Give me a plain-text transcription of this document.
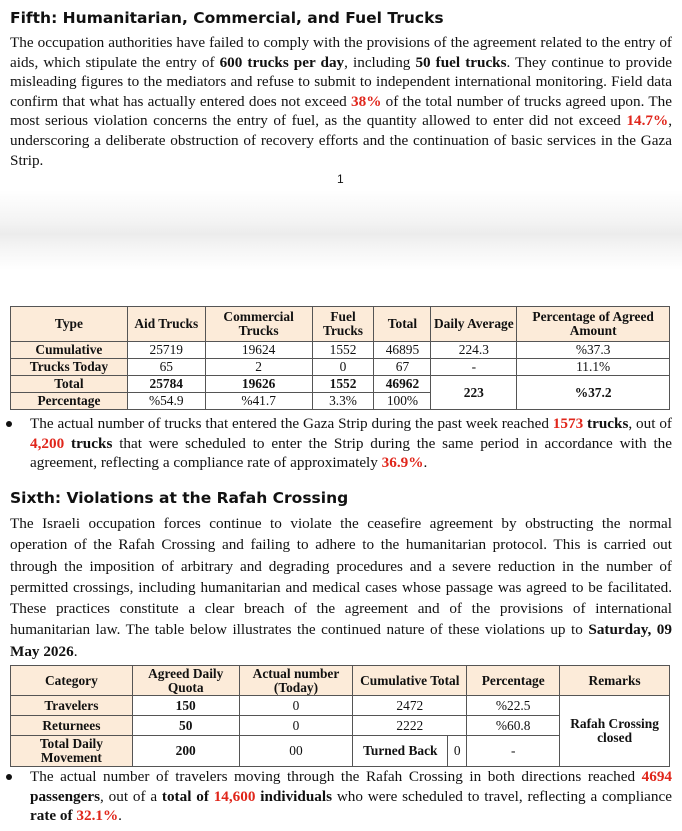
Fifth: Humanitarian, Commercial, and Fuel Trucks
The occupation authorities have failed to comply with the provisions of the agreement related to the entry of aids, which stipulate the entry of 600 trucks per day, including 50 fuel trucks. They continue to provide misleading figures to the mediators and refuse to submit to independent international monitoring. Field data confirm that what has actually entered does not exceed 38% of the total number of trucks agreed upon. The most serious violation concerns the entry of fuel, as the quantity allowed to enter did not exceed 14.7%, underscoring a deliberate obstruction of recovery efforts and the continuation of basic services in the Gaza Strip.
1
Type	Aid Trucks	Commercial Trucks	Fuel Trucks	Total	Daily Average	Percentage of Agreed Amount
Cumulative	25719	19624	1552	46895	224.3	%37.3
Trucks Today	65	2	0	67	-	11.1%
Total	25784	19626	1552	46962	223	%37.2
Percentage	%54.9	%41.7	3.3%	100%		
The actual number of trucks that entered the Gaza Strip during the past week reached 1573 trucks, out of 4,200 trucks that were scheduled to enter the Strip during the same period in accordance with the agreement, reflecting a compliance rate of approximately 36.9%.
Sixth: Violations at the Rafah Crossing
The Israeli occupation forces continue to violate the ceasefire agreement by obstructing the normal operation of the Rafah Crossing and failing to adhere to the humanitarian protocol. This is carried out through the imposition of arbitrary and degrading procedures and a severe reduction in the number of permitted crossings, including humanitarian and medical cases whose passage was agreed to be facilitated. These practices constitute a clear breach of the agreement and of the provisions of international humanitarian law. The table below illustrates the continued nature of these violations up to Saturday, 09 May 2026.
Category	Agreed Daily Quota	Actual number (Today)	Cumulative Total		Percentage	Remarks
Travelers	150	0	2472		%22.5	Rafah Crossing closed
Returnees	50	0	2222		%60.8	
Total Daily Movement	200	00	Turned Back	0	-	
The actual number of travelers moving through the Rafah Crossing in both directions reached 4694 passengers, out of a total of 14,600 individuals who were scheduled to travel, reflecting a compliance rate of 32.1%.
